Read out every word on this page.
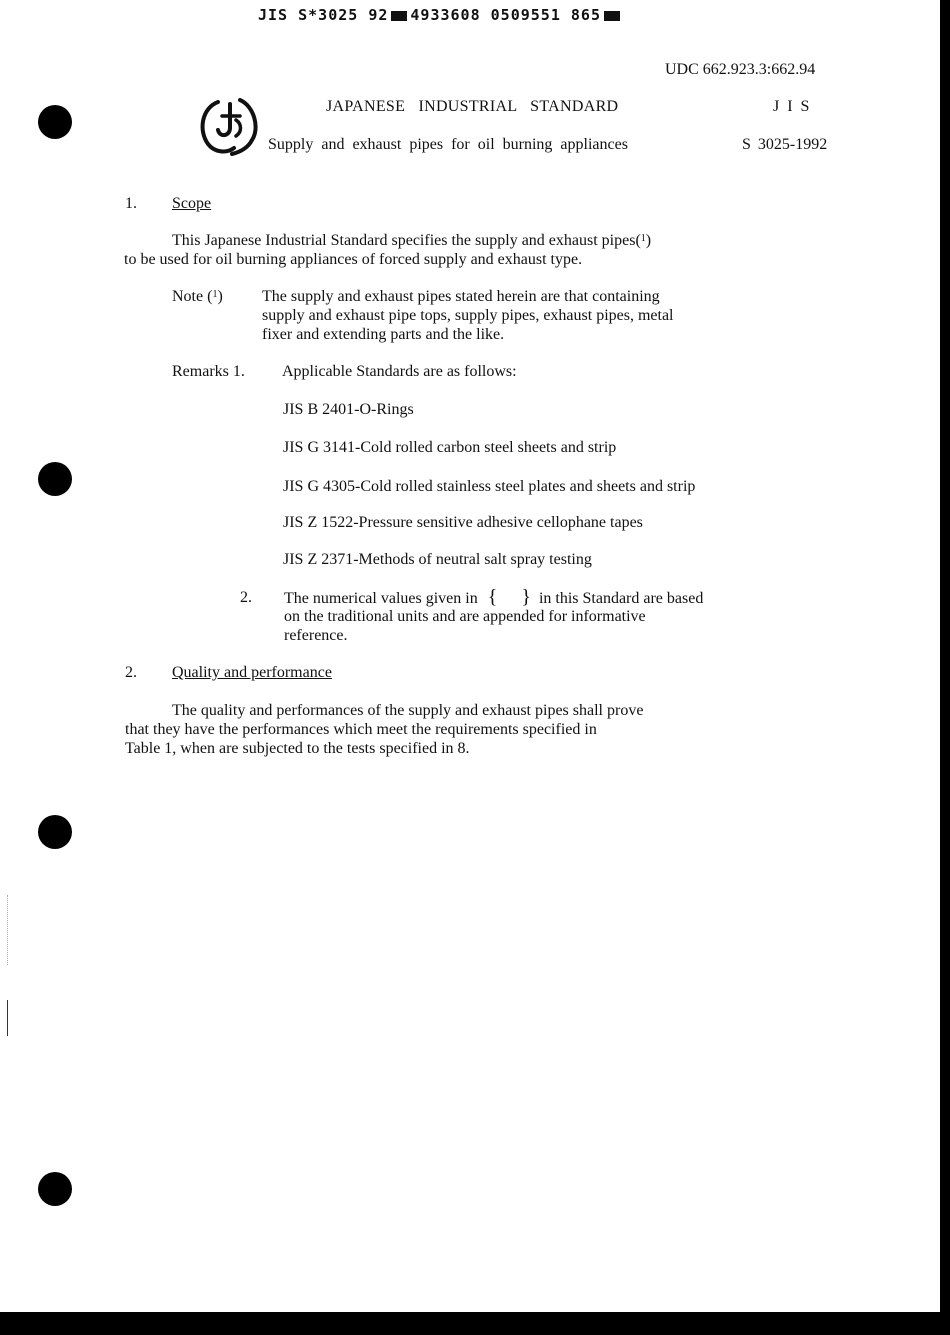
JIS S*3025 92 4933608 0509551 865
UDC 662.923.3:662.94
JAPANESE INDUSTRIAL STANDARD	J I S
Supply and exhaust pipes for oil burning appliances	S 3025-1992
1. Scope
This Japanese Industrial Standard specifies the supply and exhaust pipes($^1$)
to be used for oil burning appliances of forced supply and exhaust type.
Note ($^1$) The supply and exhaust pipes stated herein are that containing
supply and exhaust pipe tops, supply pipes, exhaust pipes, metal
fixer and extending parts and the like.
Remarks 1. Applicable Standards are as follows:
JIS B 2401-O-Rings
JIS G 3141-Cold rolled carbon steel sheets and strip
JIS G 4305-Cold rolled stainless steel plates and sheets and strip
JIS Z 1522-Pressure sensitive adhesive cellophane tapes
JIS Z 2371-Methods of neutral salt spray testing
2. The numerical values given in { } in this Standard are based
on the traditional units and are appended for informative
reference.
2. Quality and performance
The quality and performances of the supply and exhaust pipes shall prove
that they have the performances which meet the requirements specified in
Table 1, when are subjected to the tests specified in 8.
